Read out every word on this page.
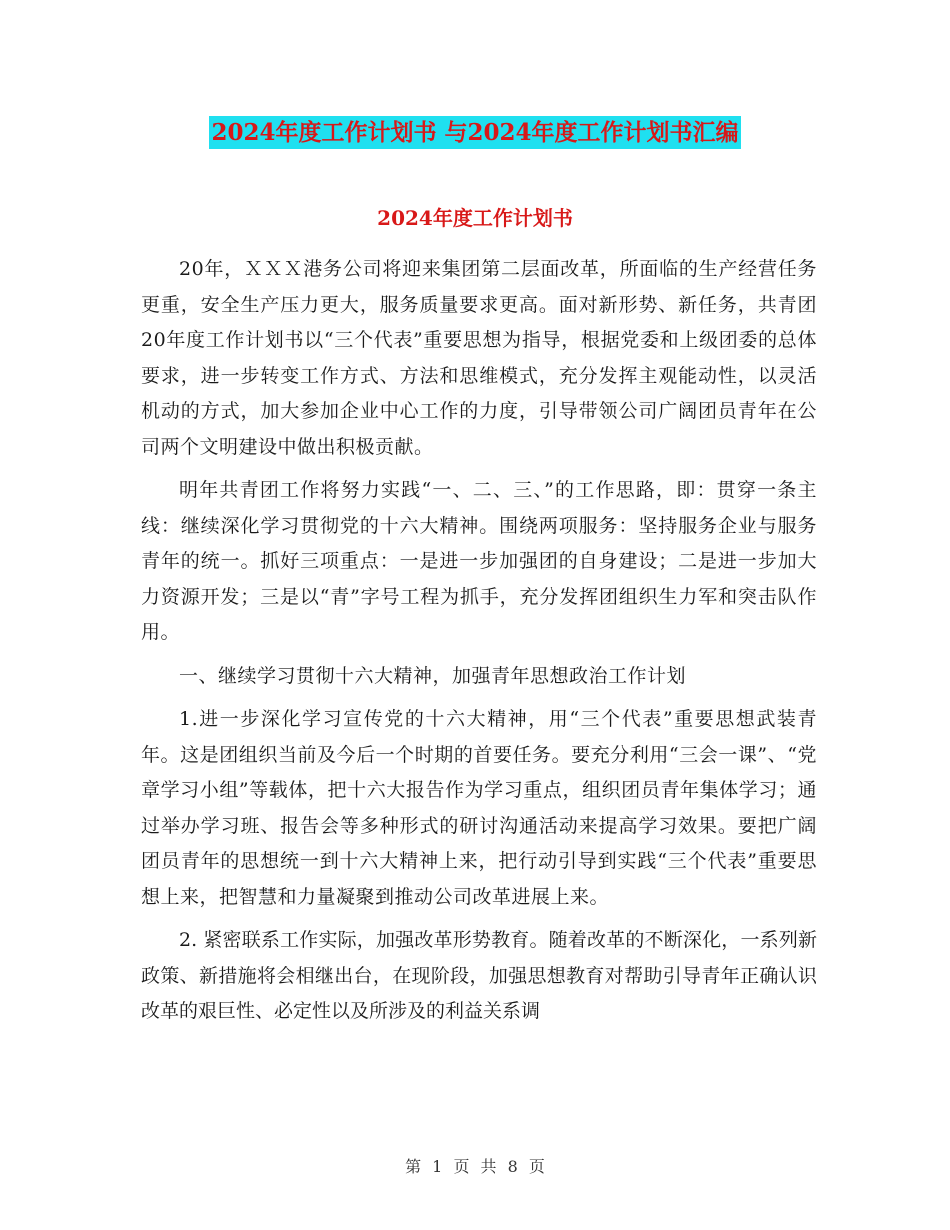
2024年度工作计划书 与2024年度工作计划书汇编
2024年度工作计划书

20年，ＸＸＸ港务公司将迎来集团第二层面改革，所面临的生产经营任务更重，安全生产压力更大，服务质量要求更高。面对新形势、新任务，共青团20年度工作计划书以“三个代表”重要思想为指导，根据党委和上级团委的总体要求，进一步转变工作方式、方法和思维模式，充分发挥主观能动性，以灵活机动的方式，加大参加企业中心工作的力度，引导带领公司广阔团员青年在公司两个文明建设中做出积极贡献。

明年共青团工作将努力实践“一、二、三、”的工作思路，即：贯穿一条主线：继续深化学习贯彻党的十六大精神。围绕两项服务：坚持服务企业与服务青年的统一。抓好三项重点：一是进一步加强团的自身建设；二是进一步加大力资源开发；三是以“青”字号工程为抓手，充分发挥团组织生力军和突击队作用。

一、继续学习贯彻十六大精神，加强青年思想政治工作计划

1.进一步深化学习宣传党的十六大精神，用“三个代表”重要思想武装青年。这是团组织当前及今后一个时期的首要任务。要充分利用“三会一课”、“党章学习小组”等载体，把十六大报告作为学习重点，组织团员青年集体学习；通过举办学习班、报告会等多种形式的研讨沟通活动来提高学习效果。要把广阔团员青年的思想统一到十六大精神上来，把行动引导到实践“三个代表”重要思想上来，把智慧和力量凝聚到推动公司改革进展上来。

2. 紧密联系工作实际，加强改革形势教育。随着改革的不断深化，一系列新政策、新措施将会相继出台，在现阶段，加强思想教育对帮助引导青年正确认识改革的艰巨性、必定性以及所涉及的利益关系调

第 1 页 共 8 页
